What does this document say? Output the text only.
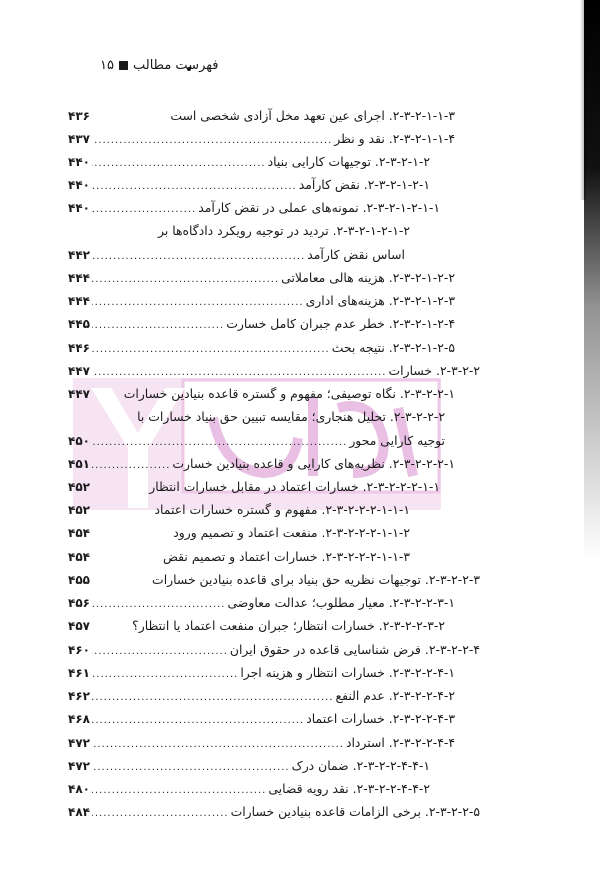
فهرست مطالب
۱۵
۲-۳-۲-۱-۱-۳. اجرای عین تعهد مخل آزادی شخصی است
۴۳۶
۲-۳-۲-۱-۱-۴. نقد و نظر
.....
۴۳۷
۲-۳-۲-۱-۲. توجیهات کارایی بنیاد
.....
۴۴۰
۲-۳-۲-۱-۲-۱. نقض کارآمد
.....
۴۴۰
۲-۳-۲-۱-۲-۱-۱. نمونه‌های عملی در نقض کارآمد
.....
۴۴۰
۲-۳-۲-۱-۲-۱-۲. تردید در توجیه رویکرد دادگاه‌ها بر
اساس نقض کارآمد
.....
۴۴۲
۲-۳-۲-۱-۲-۲. هزینه هالی معاملاتی
.....
۴۴۴
۲-۳-۲-۱-۲-۳. هزینه‌های اداری
.....
۴۴۴
۲-۳-۲-۱-۲-۴. خطر عدم جبران کامل خسارت
.....
۴۴۵
۲-۳-۲-۱-۲-۵. نتیجه بحث
.....
۴۴۶
۲-۳-۲-۲. خسارات
.....
۴۴۷
۲-۳-۲-۲-۱. نگاه توصیفی؛ مفهوم و گستره قاعده بنیادین خسارات
۴۴۷
۲-۳-۲-۲-۲. تحلیل هنجاری؛ مقایسه تبیین حق بنیاد خسارات با
توجیه کارایی محور
.....
۴۵۰
۲-۳-۲-۲-۲-۱. نظریه‌های کارایی و قاعده بنیادین خسارت
.....
۴۵۱
۲-۳-۲-۲-۲-۱-۱. خسارات اعتماد در مقابل خسارات انتظار
۴۵۲
۲-۳-۲-۲-۲-۱-۱-۱. مفهوم و گستره خسارات اعتماد
۴۵۲
۲-۳-۲-۲-۲-۱-۱-۲. منفعت اعتماد و تصمیم ورود
۴۵۴
۲-۳-۲-۲-۲-۱-۱-۳. خسارات اعتماد و تصمیم نقض
۴۵۴
۲-۳-۲-۲-۳. توجیهات نظریه حق بنیاد برای قاعده بنیادین خسارات
۴۵۵
۲-۳-۲-۲-۳-۱. معیار مطلوب؛ عدالت معاوضی
.....
۴۵۶
۲-۳-۲-۲-۳-۲. خسارات انتظار؛ جبران منفعت اعتماد یا انتظار؟
۴۵۷
۲-۳-۲-۲-۴. فرض شناسایی قاعده در حقوق ایران
.....
۴۶۰
۲-۳-۲-۲-۴-۱. خسارات انتظار و هزینه اجرا
.....
۴۶۱
۲-۳-۲-۲-۴-۲. عدم النفع
.....
۴۶۲
۲-۳-۲-۲-۴-۳. خسارات اعتماد
.....
۴۶۸
۲-۳-۲-۲-۴-۴. استرداد
.....
۴۷۲
۲-۳-۲-۲-۴-۴-۱. ضمان درک
.....
۴۷۲
۲-۳-۲-۲-۴-۴-۲. نقد رویه قضایی
.....
۴۸۰
۲-۳-۲-۲-۵. برخی الزامات قاعده بنیادین خسارات
.....
۴۸۴
